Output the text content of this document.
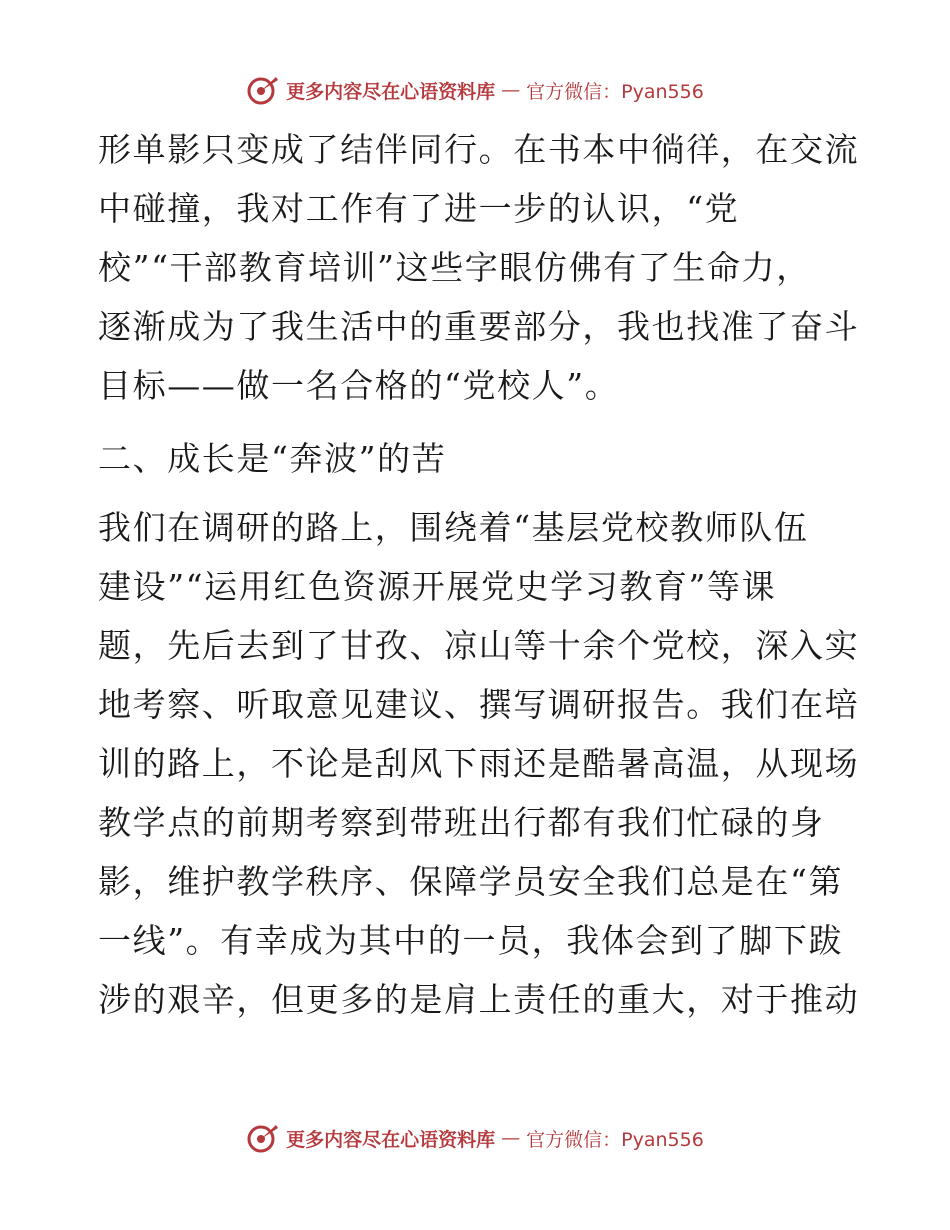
更多内容尽在心语资料库 — 官方微信：Pyan556
形单影只变成了结伴同行。在书本中徜徉，在交流
中碰撞，我对工作有了进一步的认识，“党
校”“干部教育培训”这些字眼仿佛有了生命力，
逐渐成为了我生活中的重要部分，我也找准了奋斗
目标——做一名合格的“党校人”。
二、成长是“奔波”的苦
我们在调研的路上，围绕着“基层党校教师队伍
建设”“运用红色资源开展党史学习教育”等课
题，先后去到了甘孜、凉山等十余个党校，深入实
地考察、听取意见建议、撰写调研报告。我们在培
训的路上，不论是刮风下雨还是酷暑高温，从现场
教学点的前期考察到带班出行都有我们忙碌的身
影，维护教学秩序、保障学员安全我们总是在“第
一线”。有幸成为其中的一员，我体会到了脚下跋
涉的艰辛，但更多的是肩上责任的重大，对于推动
更多内容尽在心语资料库 — 官方微信：Pyan556
